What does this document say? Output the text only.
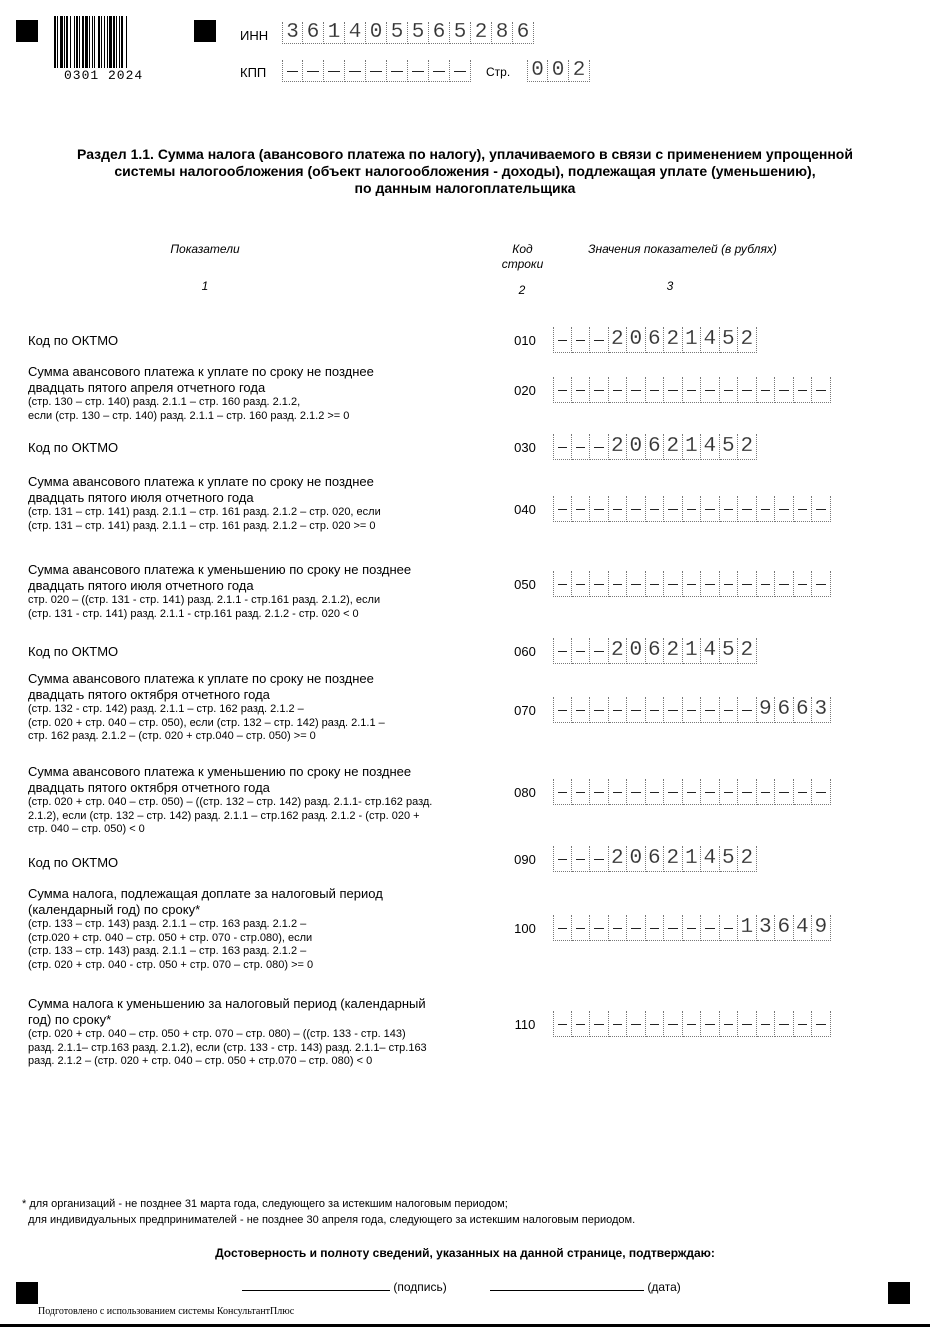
0301 2024
ИНН 3 6 1 4 0 5 5 6 5 2 8 6
КПП	Стр. 0 0 2
Раздел 1.1. Сумма налога (авансового платежа по налогу), уплачиваемого в связи с применением упрощенной
системы налогообложения (объект налогообложения - доходы), подлежащая уплате (уменьшению),
по данным налогоплательщика
Показатели
1
Код строки
2
Значения показателей (в рублях)
3
Код по ОКТМО	010	2 0 6 2 1 4 5 2
Сумма авансового платежа к уплате по сроку не позднее двадцать пятого апреля отчетного года
(стр. 130 – стр. 140) разд. 2.1.1 – стр. 160 разд. 2.1.2,
если (стр. 130 – стр. 140) разд. 2.1.1 – стр. 160 разд. 2.1.2 >= 0
020
Код по ОКТМО	030	2 0 6 2 1 4 5 2
Сумма авансового платежа к уплате по сроку не позднее двадцать пятого июля отчетного года
(стр. 131 – стр. 141) разд. 2.1.1 – стр. 161 разд. 2.1.2 – стр. 020, если
(стр. 131 – стр. 141) разд. 2.1.1 – стр. 161 разд. 2.1.2 – стр. 020 >= 0
040
Сумма авансового платежа к уменьшению по сроку не позднее двадцать пятого июля отчетного года
стр. 020 – ((стр. 131 - стр. 141) разд. 2.1.1 - стр.161 разд. 2.1.2), если
(стр. 131 - стр. 141) разд. 2.1.1 - стр.161 разд. 2.1.2 - стр. 020 < 0
050
Код по ОКТМО	060	2 0 6 2 1 4 5 2
Сумма авансового платежа к уплате по сроку не позднее двадцать пятого октября отчетного года
(стр. 132 - стр. 142) разд. 2.1.1 – стр. 162 разд. 2.1.2 –
(стр. 020 + стр. 040 – стр. 050), если (стр. 132 – стр. 142) разд. 2.1.1 –
стр. 162 разд. 2.1.2 – (стр. 020 + стр.040 – стр. 050) >= 0
070	9 6 6 3
Сумма авансового платежа к уменьшению по сроку не позднее двадцать пятого октября отчетного года
(стр. 020 + стр. 040 – стр. 050) – ((стр. 132 – стр. 142) разд. 2.1.1- стр.162 разд.
2.1.2), если (стр. 132 – стр. 142) разд. 2.1.1 – стр.162 разд. 2.1.2 - (стр. 020 +
стр. 040 – стр. 050) < 0
080
Код по ОКТМО	090	2 0 6 2 1 4 5 2
Сумма налога, подлежащая доплате за налоговый период (календарный год) по сроку*
(стр. 133 – стр. 143) разд. 2.1.1 – стр. 163 разд. 2.1.2 –
(стр.020 + стр. 040 – стр. 050 + стр. 070 - стр.080), если
(стр. 133 – стр. 143) разд. 2.1.1 – стр. 163 разд. 2.1.2 –
(стр. 020 + стр. 040 - стр. 050 + стр. 070 – стр. 080) >= 0
100	1 3 6 4 9
Сумма налога к уменьшению за налоговый период (календарный год) по сроку*
(стр. 020 + стр. 040 – стр. 050 + стр. 070 – стр. 080) – ((стр. 133 - стр. 143)
разд. 2.1.1– стр.163 разд. 2.1.2), если (стр. 133 - стр. 143) разд. 2.1.1– стр.163
разд. 2.1.2 – (стр. 020 + стр. 040 – стр. 050 + стр.070 – стр. 080) < 0
110
* для организаций - не позднее 31 марта года, следующего за истекшим налоговым периодом;
для индивидуальных предпринимателей - не позднее 30 апреля года, следующего за истекшим налоговым периодом.
Достоверность и полноту сведений, указанных на данной странице, подтверждаю:
(подпись)	(дата)
Подготовлено с использованием системы КонсультантПлюс
